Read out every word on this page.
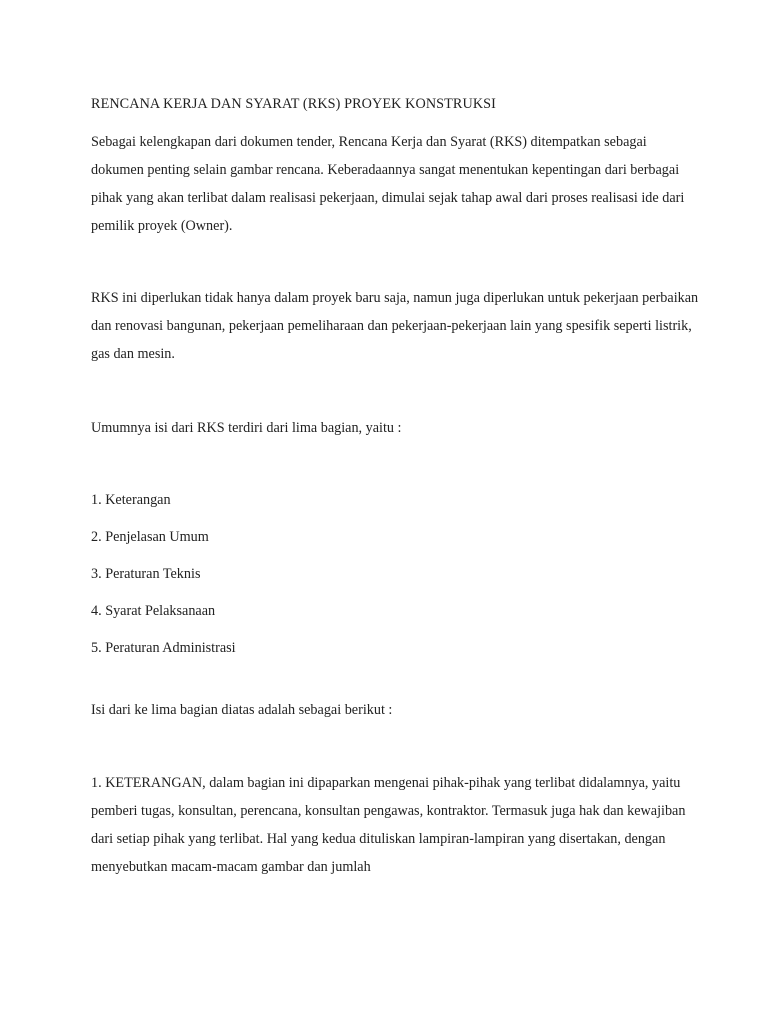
RENCANA KERJA DAN SYARAT (RKS) PROYEK KONSTRUKSI

Sebagai kelengkapan dari dokumen tender, Rencana Kerja dan Syarat (RKS) ditempatkan sebagai dokumen penting selain gambar rencana. Keberadaannya sangat menentukan kepentingan dari berbagai pihak yang akan terlibat dalam realisasi pekerjaan, dimulai sejak tahap awal dari proses realisasi ide dari pemilik proyek (Owner).

RKS ini diperlukan tidak hanya dalam proyek baru saja, namun juga diperlukan untuk pekerjaan perbaikan dan renovasi bangunan, pekerjaan pemeliharaan dan pekerjaan-pekerjaan lain yang spesifik seperti listrik, gas dan mesin.

Umumnya isi dari RKS terdiri dari lima bagian, yaitu :

1. Keterangan
2. Penjelasan Umum
3. Peraturan Teknis
4. Syarat Pelaksanaan
5. Peraturan Administrasi

Isi dari ke lima bagian diatas adalah sebagai berikut :

1. KETERANGAN, dalam bagian ini dipaparkan mengenai pihak-pihak yang terlibat didalamnya, yaitu pemberi tugas, konsultan, perencana, konsultan pengawas, kontraktor. Termasuk juga hak dan kewajiban dari setiap pihak yang terlibat. Hal yang kedua dituliskan lampiran-lampiran yang disertakan, dengan menyebutkan macam-macam gambar dan jumlah
